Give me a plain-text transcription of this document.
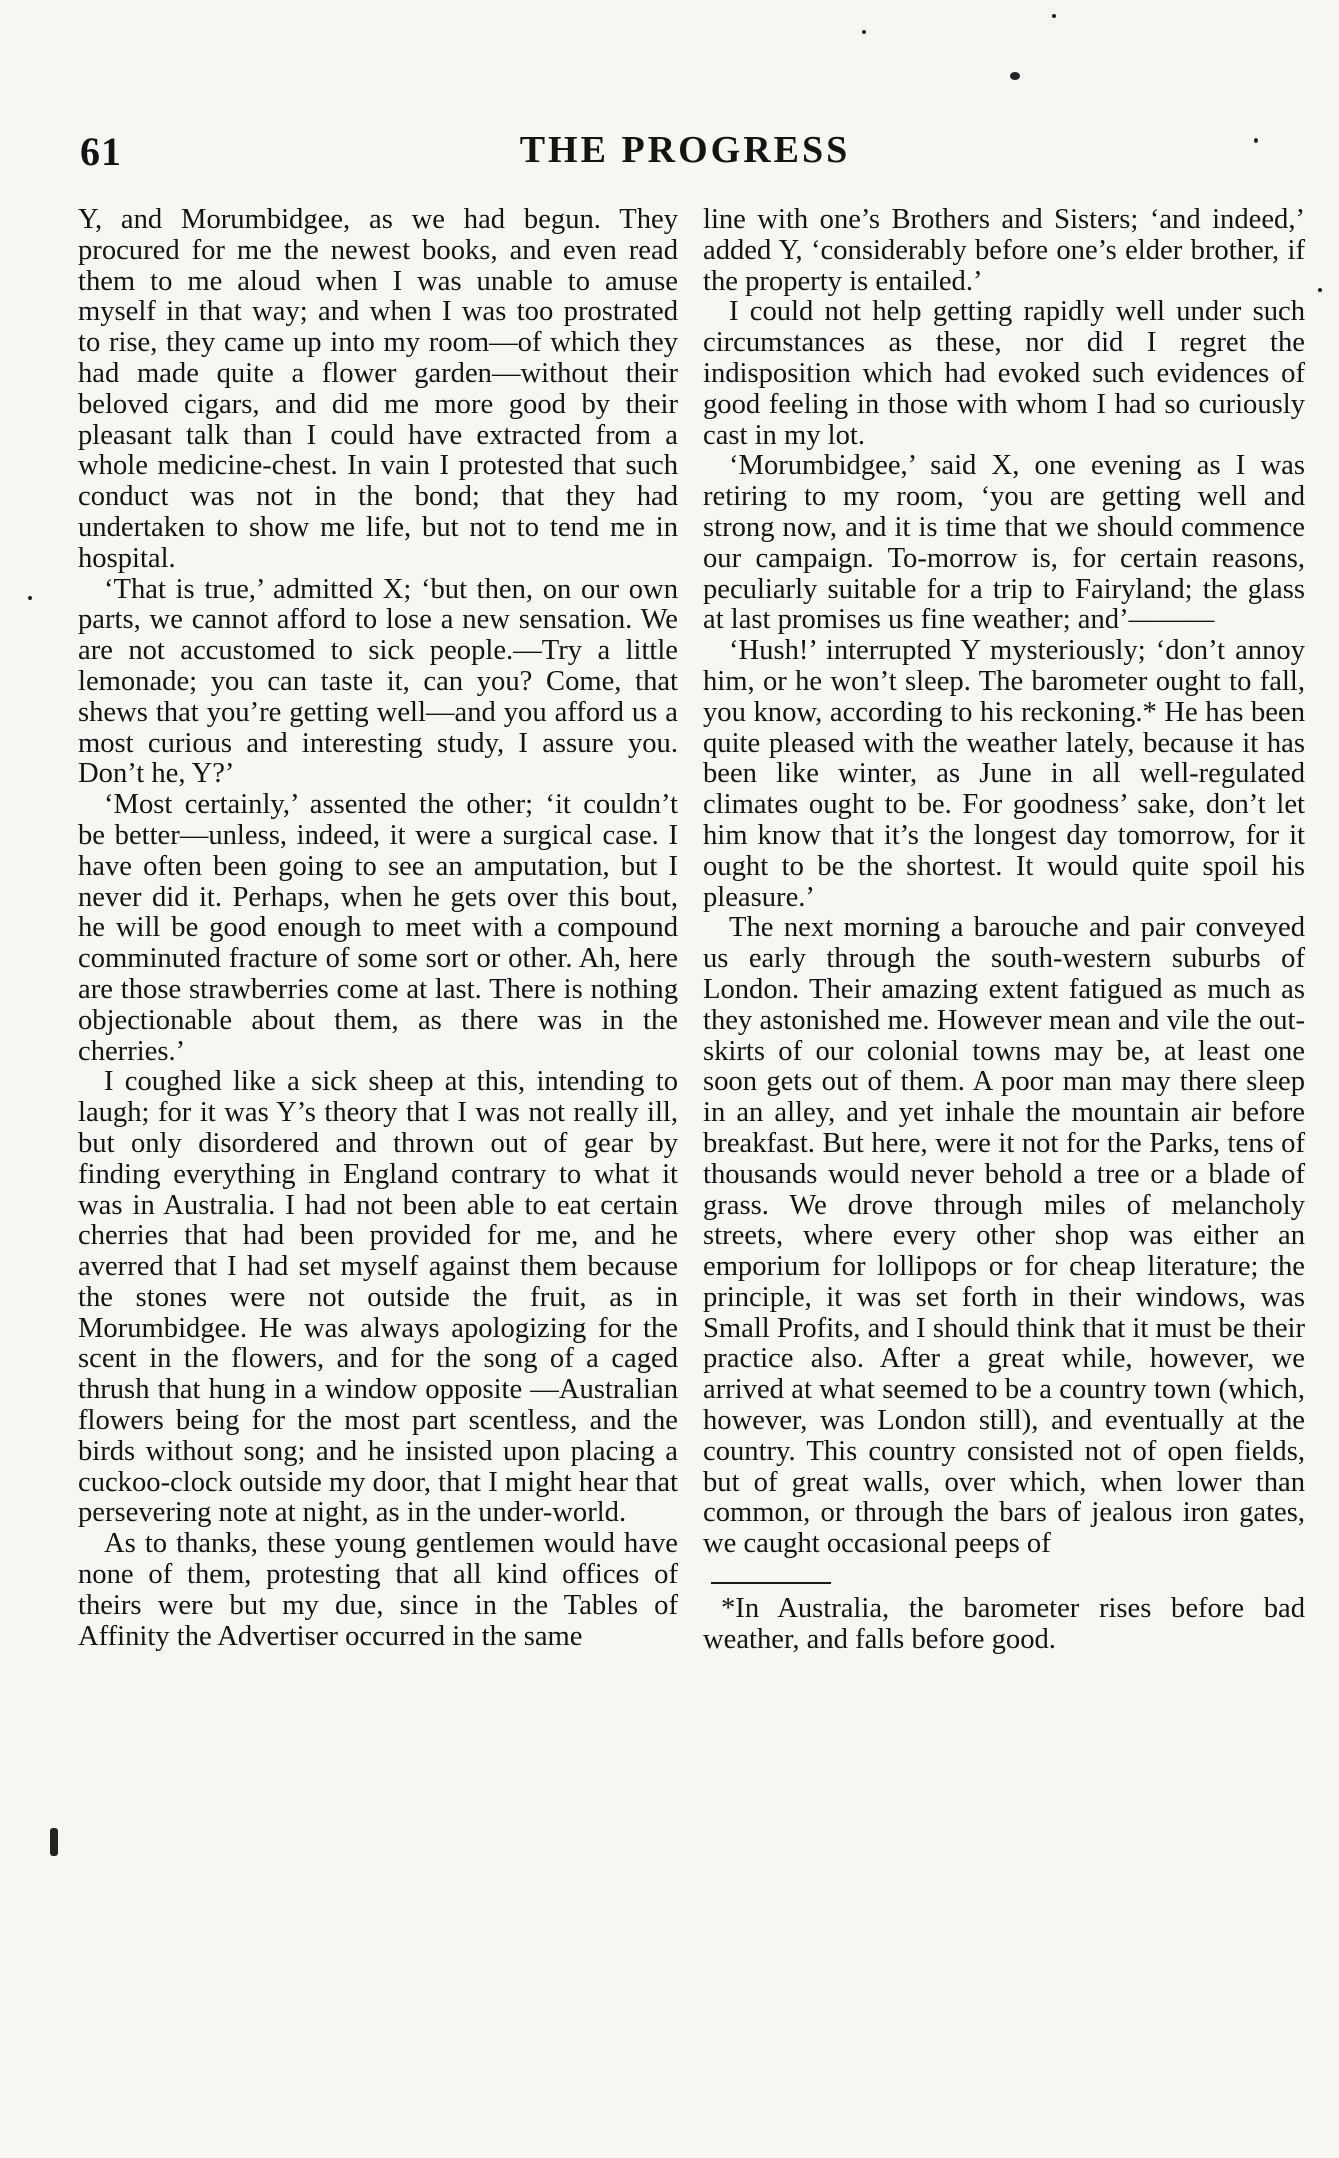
61	THE PROGRESS

Y, and Morumbidgee, as we had begun. They procured for me the newest books, and even read them to me aloud when I was unable to amuse myself in that way; and when I was too prostrated to rise, they came up into my room—of which they had made quite a flower garden—without their beloved cigars, and did me more good by their pleasant talk than I could have extracted from a whole medicine-chest. In vain I protested that such conduct was not in the bond; that they had undertaken to show me life, but not to tend me in hospital.

‘That is true,’ admitted X; ‘but then, on our own parts, we cannot afford to lose a new sensation. We are not accustomed to sick people.—Try a little lemonade; you can taste it, can you? Come, that shews that you’re getting well—and you afford us a most curious and interesting study, I assure you. Don’t he, Y?’

‘Most certainly,’ assented the other; ‘it couldn’t be better—unless, indeed, it were a surgical case. I have often been going to see an amputation, but I never did it. Perhaps, when he gets over this bout, he will be good enough to meet with a compound comminuted fracture of some sort or other. Ah, here are those strawberries come at last. There is nothing objectionable about them, as there was in the cherries.’

I coughed like a sick sheep at this, intending to laugh; for it was Y’s theory that I was not really ill, but only disordered and thrown out of gear by finding everything in England contrary to what it was in Australia. I had not been able to eat certain cherries that had been provided for me, and he averred that I had set myself against them because the stones were not outside the fruit, as in Morumbidgee. He was always apologizing for the scent in the flowers, and for the song of a caged thrush that hung in a window opposite —Australian flowers being for the most part scentless, and the birds without song; and he insisted upon placing a cuckoo-clock outside my door, that I might hear that persevering note at night, as in the under-world.

As to thanks, these young gentlemen would have none of them, protesting that all kind offices of theirs were but my due, since in the Tables of Affinity the Advertiser occurred in the same

line with one’s Brothers and Sisters; ‘and indeed,’ added Y, ‘considerably before one’s elder brother, if the property is entailed.’

I could not help getting rapidly well under such circumstances as these, nor did I regret the indisposition which had evoked such evidences of good feeling in those with whom I had so curiously cast in my lot.

‘Morumbidgee,’ said X, one evening as I was retiring to my room, ‘you are getting well and strong now, and it is time that we should commence our campaign. To-morrow is, for certain reasons, peculiarly suitable for a trip to Fairyland; the glass at last promises us fine weather; and’———

‘Hush!’ interrupted Y mysteriously; ‘don’t annoy him, or he won’t sleep. The barometer ought to fall, you know, according to his reckoning.* He has been quite pleased with the weather lately, because it has been like winter, as June in all well-regulated climates ought to be. For goodness’ sake, don’t let him know that it’s the longest day tomorrow, for it ought to be the shortest. It would quite spoil his pleasure.’

The next morning a barouche and pair conveyed us early through the south-western suburbs of London. Their amazing extent fatigued as much as they astonished me. However mean and vile the out-skirts of our colonial towns may be, at least one soon gets out of them. A poor man may there sleep in an alley, and yet inhale the mountain air before breakfast. But here, were it not for the Parks, tens of thousands would never behold a tree or a blade of grass. We drove through miles of melancholy streets, where every other shop was either an emporium for lollipops or for cheap literature; the principle, it was set forth in their windows, was Small Profits, and I should think that it must be their practice also. After a great while, however, we arrived at what seemed to be a country town (which, however, was London still), and eventually at the country. This country consisted not of open fields, but of great walls, over which, when lower than common, or through the bars of jealous iron gates, we caught occasional peeps of

*In Australia, the barometer rises before bad weather, and falls before good.
